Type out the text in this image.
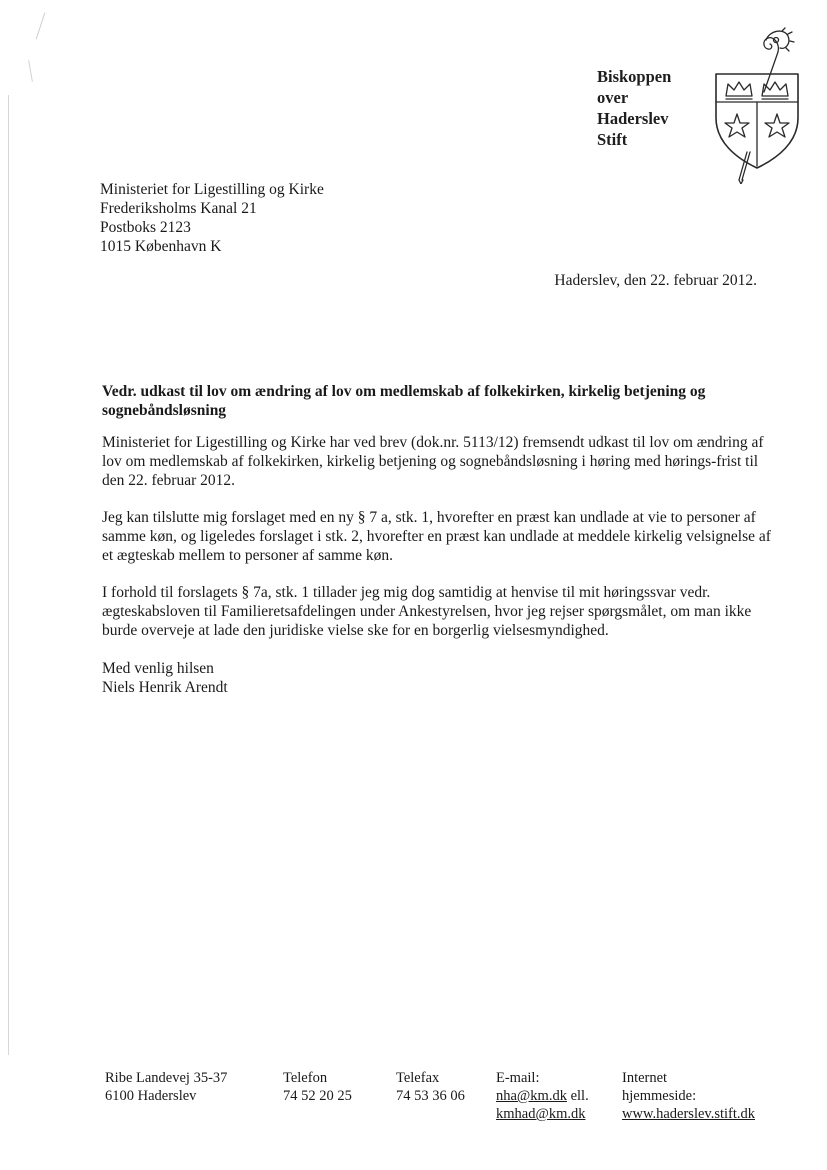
Biskoppen
over
Haderslev
Stift
Ministeriet for Ligestilling og Kirke
Frederiksholms Kanal 21
Postboks 2123
1015 København K
Haderslev, den 22. februar 2012.
Vedr. udkast til lov om ændring af lov om medlemskab af folkekirken, kirkelig betjening og sognebåndsløsning
Ministeriet for Ligestilling og Kirke har ved brev (dok.nr. 5113/12) fremsendt udkast til lov om ændring af lov om medlemskab af folkekirken, kirkelig betjening og sognebåndsløsning i høring med hørings-frist til den 22. februar 2012.
Jeg kan tilslutte mig forslaget med en ny § 7 a, stk. 1, hvorefter en præst kan undlade at vie to personer af samme køn, og ligeledes forslaget i stk. 2, hvorefter en præst kan undlade at meddele kirkelig velsignelse af et ægteskab mellem to personer af samme køn.
I forhold til forslagets § 7a, stk. 1 tillader jeg mig dog samtidig at henvise til mit høringssvar vedr. ægteskabsloven til Familieretsafdelingen under Ankestyrelsen, hvor jeg rejser spørgsmålet, om man ikke burde overveje at lade den juridiske vielse ske for en borgerlig vielsesmyndighed.
Med venlig hilsen
Niels Henrik Arendt
Ribe Landevej 35-37
6100 Haderslev
Telefon
74 52 20 25
Telefax
74 53 36 06
E-mail:
nha@km.dk ell.
kmhad@km.dk
Internet
hjemmeside:
www.haderslev.stift.dk
